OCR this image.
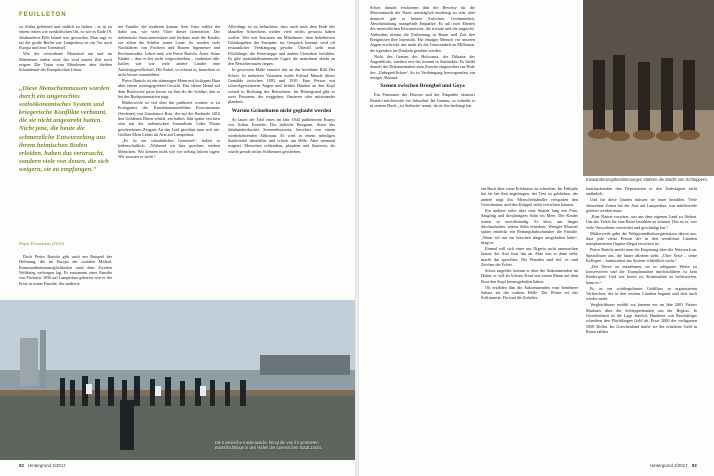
FEUILLETON

zu Afrika gehörend und südlich zu Italien – es ist zu einem realen wie symbolischen Ort, so wie es Ende 19. Jahrhunderts Ellis Island war, geworden. Man sagt, es sei der große Berlin war Lampedusa ist ein Tor nach Europa und eine Toteninsël.

Wie der verstorbene Mauertod am und im Mittelmeer enden wird, das wird unsere Zeit noch zeigen. Die Toten vom Mittelmeer aber bleiben Schandmale der Europäischen Union.

„Diese Menschenmassen wurden durch ein ungerechtes sozioökonomisches System und kriegerische Konflikte verbannt, die sie nicht angestrebt hatten. Nicht jene, die heute die schmerzliche Entwurzelung aus ihrem heimischen Boden erleiden, haben das verursacht, sondern viele von denen, die sich weigern, sie zu empfangen.“
Papst Franziskus (2016)

Doch Pietro Bartolo gibt auch ein Beispiel der Hoffnung, die im Europa der sozialen Mitleid. Kommunikationsmöglichkeiten nach dem Zweiten Weltkrieg verborgen lag. Er entstammt einer Familie von Fischern. 1956 auf Lampedusa geboren, war er der Erste in seiner Familie, der studierte.

ner Familie, der studieren konnte. Sein Vater wählte ihn dafür aus, wie viele Väter dieser Generation. Der italienische Staat unterstützte und förderte auch die Kinder, vor allem die Schüler armer Leute. So wurden viele Nachfahren von Fischern und Bauern Ingenieure und Rechtsanwälte, Lehrer und, wie Pietro Bartolo, Ärzte. Seine Kinder – dass es bei nicht vorgeschrieben – studierten alle. Italien war wie viele andere Länder eine Aufstiegsgesellschaft. Die Enkel, so scheint es, brauchten es nicht besser auszubilden.

Pietro Bartolo ist ein stämmiger Mann mit lockigem Haar über einem wettergegerbten Gesicht. Das offene Hemd auf dem Buchcover passt besser zu ihm als der Schlips, den er bei der Buchpräsentation trägt.

Mittlerweile ist viel über ihn publiziert worden; er ist Protagonist des Kinodokumentarfilms Fuocoammare (Seefeuer) von Gianfranco Rosi, der auf der Berlinale 2016 den Goldenen Bären erhielt, ein halbes Jahr später erschien sein mit der italienischen Journalistin Lidia Tilotta geschriebenes Zeugnis An das Leid gewöhnt man sich nie. Größtes Mein Leben als Arzt auf Lampedusa.

„Es ist ein schmähliches Gemetzel“, äußert er leidenschaftlich. „Während wir hier sprechen, sterben Menschen. Wir können nicht wie vor siebzig Jahren sagen: Wir wussten es nicht.“

Allerdings ist zu befürchten, dass auch nach dem Ende des aktuellen Schreckens wieder viele nichts gewusst haben wollen. Wer mit Touristen am Mittelmeer: dem beliebtesten Urlaubsgebiet der Europäer, ins Gespräch kommt, wird oft erstaunlicher Verdrängung gewahr. Überall sieht man Flüchtlinge, die Feuertreppe und andere Utensilien befühlen. Es gibt staatsbildhmännische Lager, die manchmal direkt an den Besucherrouten liegen.

In gewissem Maße erinnert das an das berühmte Bild Der Schrei. In mehreren Varianten malte Edvard Munch dieses Gemälde zwischen 1893 und 1910. Eine Person mit schreckgeweitetem Augen und beiden Händen an den Kopf schreit in Richtung des Betrachters. Im Hintergrund gibt es zwei Personen, die weggehen, flanieren oder miteinander plaudern.

Warum Gräueltaten nicht geglaubt werden

So lautet der Titel eines im Jahr 1944 publizierten Essays von Arthur Koestler. Der jüdische Emigrant, Autor des Jahrhundertbuches Sonnenfinsternis, berichtet von einem wiederkehrenden Albtraum: Er wird in einem nebeligen Stadtviertel überfallen und schreit um Hilfe. Aber niemand reagiert. Menschen schlendern, plaudern und flanieren, als würde gerade nichts Schlimmes geschehen.

Die tunesische Küstenwache bringt die von ihr geretteten Bootsflüchtlinge in den Hafen der tunesischen Stadt Zarzis.

Schon damals erschienen ihm die Beweise für die Massenmorde der Nazis unerträglich eindeutig zu sein, aber dennoch gab es keinen Aufschrei. Gestimmtheit, Abwehrhaltung, mangelnde Empathie. Es sah zwei Ebenen des menschlichen Bewusstseins, die triviale und die tragische. Außerdem nimmt die Entfernung in Raum und Zeit den Ereignissen ihre Intensität. Ein einziger Mensch vor unseren Augen erschreckt uns mehr als die Grausamkeit an Millionen, die irgendwo im Dunkeln gesehen werden.

Nicht das Grauen des Holocaust, der Diktatur des Augenblicks, sondern erst das kommt in Statistiken. Es bleibt damals der Dokumentation zum Zwecke eingeordnet zur Rede des „Unbegreiflichen“. So ist Verdrängung hervorgerufen, ein riesiger Abstand.

Szenen zwischen Brueghel und Goya

Ein Panorama des Horrors und der Empathie skizziert Bartolo mittlerweile ein Jahrzehnt. Im Ganzen, so schreibt er in seinem Buch, „ist Stalterin“ nennt, da sie ihn bedrängt hat.

ein Buch über seine Erlebnisse zu schreiben. Im Frühjahr hat sie bei ihm angefangen, der Text ist geblieben, der andere trägt ihn. Menschenhändler verspotten den Gestorbenen, und den Krüppel nicht verrichten können.

Ein anderer teilte über eine Stunde lang mit Frau, Säugling und dreijährigem Sohn im Meer. Die Kinder waren so unvollständig. Er lässt, um länger durchzuhalten, seinen Sohn ertrinken. Weniger Monster später entdeckt ein Rettungshubschrauber die Familie. „Wenn ich nur ein bisschen länger ausgehalten hätte“, klagt er.

Einmal will sich einer aus Nigeria nicht untersuchen lassen, der Arzt fasst ihn an. Aber was er dann sieht, macht ihn sprachlos. Die Wunden sind tief, es sind Zeichen der Folter.

Schon ungefähr kommt er über die Ankommenden im Hafen, er soll als kleines Kind von einem Mann auf dem Boot den Kopf herausgehalten haben.

Oft erzählen ihm die Ankommenden vom Sandmeer Sahara als der wahren Hölle. Die Wüste sei das Schlimmste. Da sind die Zuhälter...

kontfaschenden den Deportierten in den Todeslagern nicht unähnlich.

Und für diese Qualen müssen sie teuer bezahlen. Viele Jahrzehnte Zeiten hat der Arzt auf Lampedusa, was mittlerweile gefeiert werden muss.

„Eine Nation vorwärts, um aus dem eigenen Land zu fliehen. Um das Ticket für eine Reise bezahlen zu können. Das ist es, was viele Verstorbene vernichtet und geschädigt hat.“

Mittlerweile gehe die Weltgesundheitsorganisation davon aus, dass jede vierte Person der in den westlichen Ländern transplantierten Organe illegal erworben ist.

Pietro Bartolo merkt man die Empörung über die Netzwerk an. Spezialisten aus, die hinter alledem steht. „Über Ärzte – seine Kollegen – funktioniert das System schließlich nicht.“

„Der Nerve zu entnehmen, sie in adäquater Weise zu konservieren und die Transplantation durchzuführen ist kein Kinderspiel. Und wer bereit ist, Kriminalität zu befürworten, kann es.“

Es ist ein wohlregulierter Geldfluss in organisierten Verbrechen, der in den reichen Ländern beginnt und dort auch wieder endet.

Vergleichbares erzählt vor kurzem ein im Jahr 2001 Pietros Markaris über die Schlepperbanden aus der Region. In Griechenland ist die Lage ähnlich, Hunderte von Beschäftigte schreiben den Flüchtlingen Geld ab. Etwa 2000 der verlagerten 5000 Dollar. Im Griechenland darfte sie die erhaltene Geld in Raten zahlen.

Einwanderungsbestimmungen stärken die Macht von Schleppern.
92 Hintergrund 3/2017	Hintergrund 3/2017 93
